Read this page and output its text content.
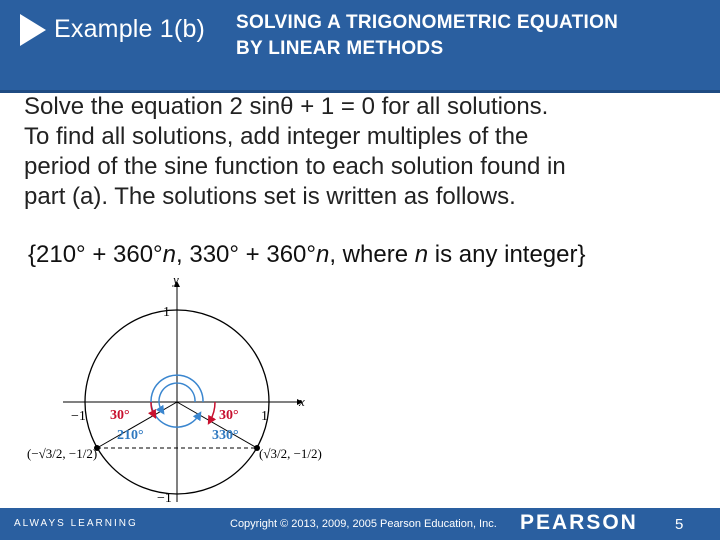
Example 1(b) SOLVING A TRIGONOMETRIC EQUATION
BY LINEAR METHODS
Solve the equation 2 sinθ + 1 = 0 for all solutions.
To find all solutions, add integer multiples of the
period of the sine function to each solution found in
part (a). The solutions set is written as follows.
{210° + 360°n, 330° + 360°n, where n is any integer}
y
x
1
−1
−1	1
30°	30°
210°	330°
(−√3/2, −1/2)	(√3/2, −1/2)
ALWAYS LEARNING	Copyright © 2013, 2009, 2005 Pearson Education, Inc. PEARSON 5
